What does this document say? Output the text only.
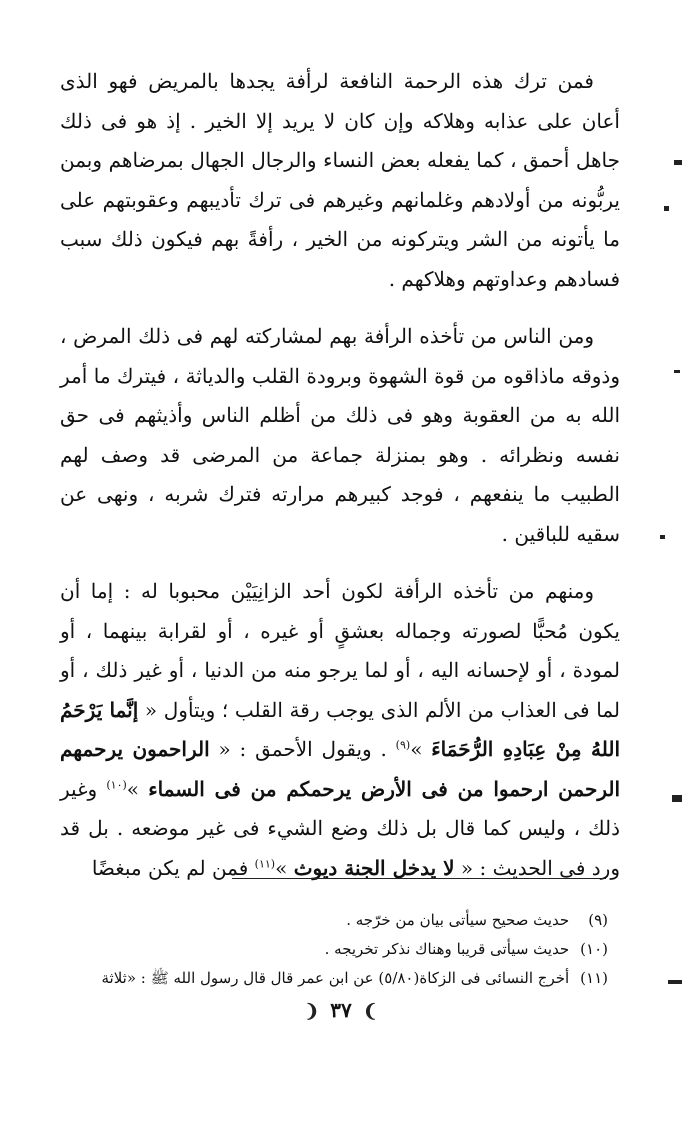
فمن ترك هذه الرحمة النافعة لرأفة يجدها بالمريض فهو الذى أعان على عذابه وهلاكه وإن كان لا يريد إلا الخير . إذ هو فى ذلك جاهل أحمق ، كما يفعله بعض النساء والرجال الجهال بمرضاهم وبمن يربُّونه من أولادهم وغلمانهم وغيرهم فى ترك تأديبهم وعقوبتهم على ما يأتونه من الشر ويتركونه من الخير ، رأفةً بهم فيكون ذلك سبب فسادهم وعداوتهم وهلاكهم .

ومن الناس من تأخذه الرأفة بهم لمشاركته لهم فى ذلك المرض ، وذوقه ماذاقوه من قوة الشهوة وبرودة القلب والدياثة ، فيترك ما أمر الله به من العقوبة وهو فى ذلك من أظلم الناس وأذيثهم فى حق نفسه ونظرائه . وهو بمنزلة جماعة من المرضى قد وصف لهم الطبيب ما ينفعهم ، فوجد كبيرهم مرارته فترك شربه ، ونهى عن سقيه للباقين .

ومنهم من تأخذه الرأفة لكون أحد الزانِيَيْن محبوبا له : إما أن يكون مُحبًّا لصورته وجماله بعشقٍ أو غيره ، أو لقرابة بينهما ، أو لمودة ، أو لإحسانه اليه ، أو لما يرجو منه من الدنيا ، أو غير ذلك ، أو لما فى العذاب من الألم الذى يوجب رقة القلب ؛ ويتأول « إنَّما يَرْحَمُ اللهُ مِنْ عِبَادِهِ الرُّحَمَاءَ »$^{(٩)}$ . ويقول الأحمق : « الراحمون يرحمهم الرحمن ارحموا من فى الأرض يرحمكم من فى السماء »$^{(١٠)}$ وغير ذلك ، وليس كما قال بل ذلك وضع الشيء فى غير موضعه . بل قد ورد فى الحديث : « لا يدخل الجنة ديوث »$^{(١١)}$ فمن لم يكن مبغضًا

(٩) حديث صحيح سيأتى بيان من خرّجه .

(١٠) حديث سيأتى قريبا وهناك نذكر تخريجه .

(١١) أخرج النسائى فى الزكاة(٥/٨٠) عن ابن عمر قال قال رسول الله ﷺ : «ثلاثة

❩ ٣٧ ❨
